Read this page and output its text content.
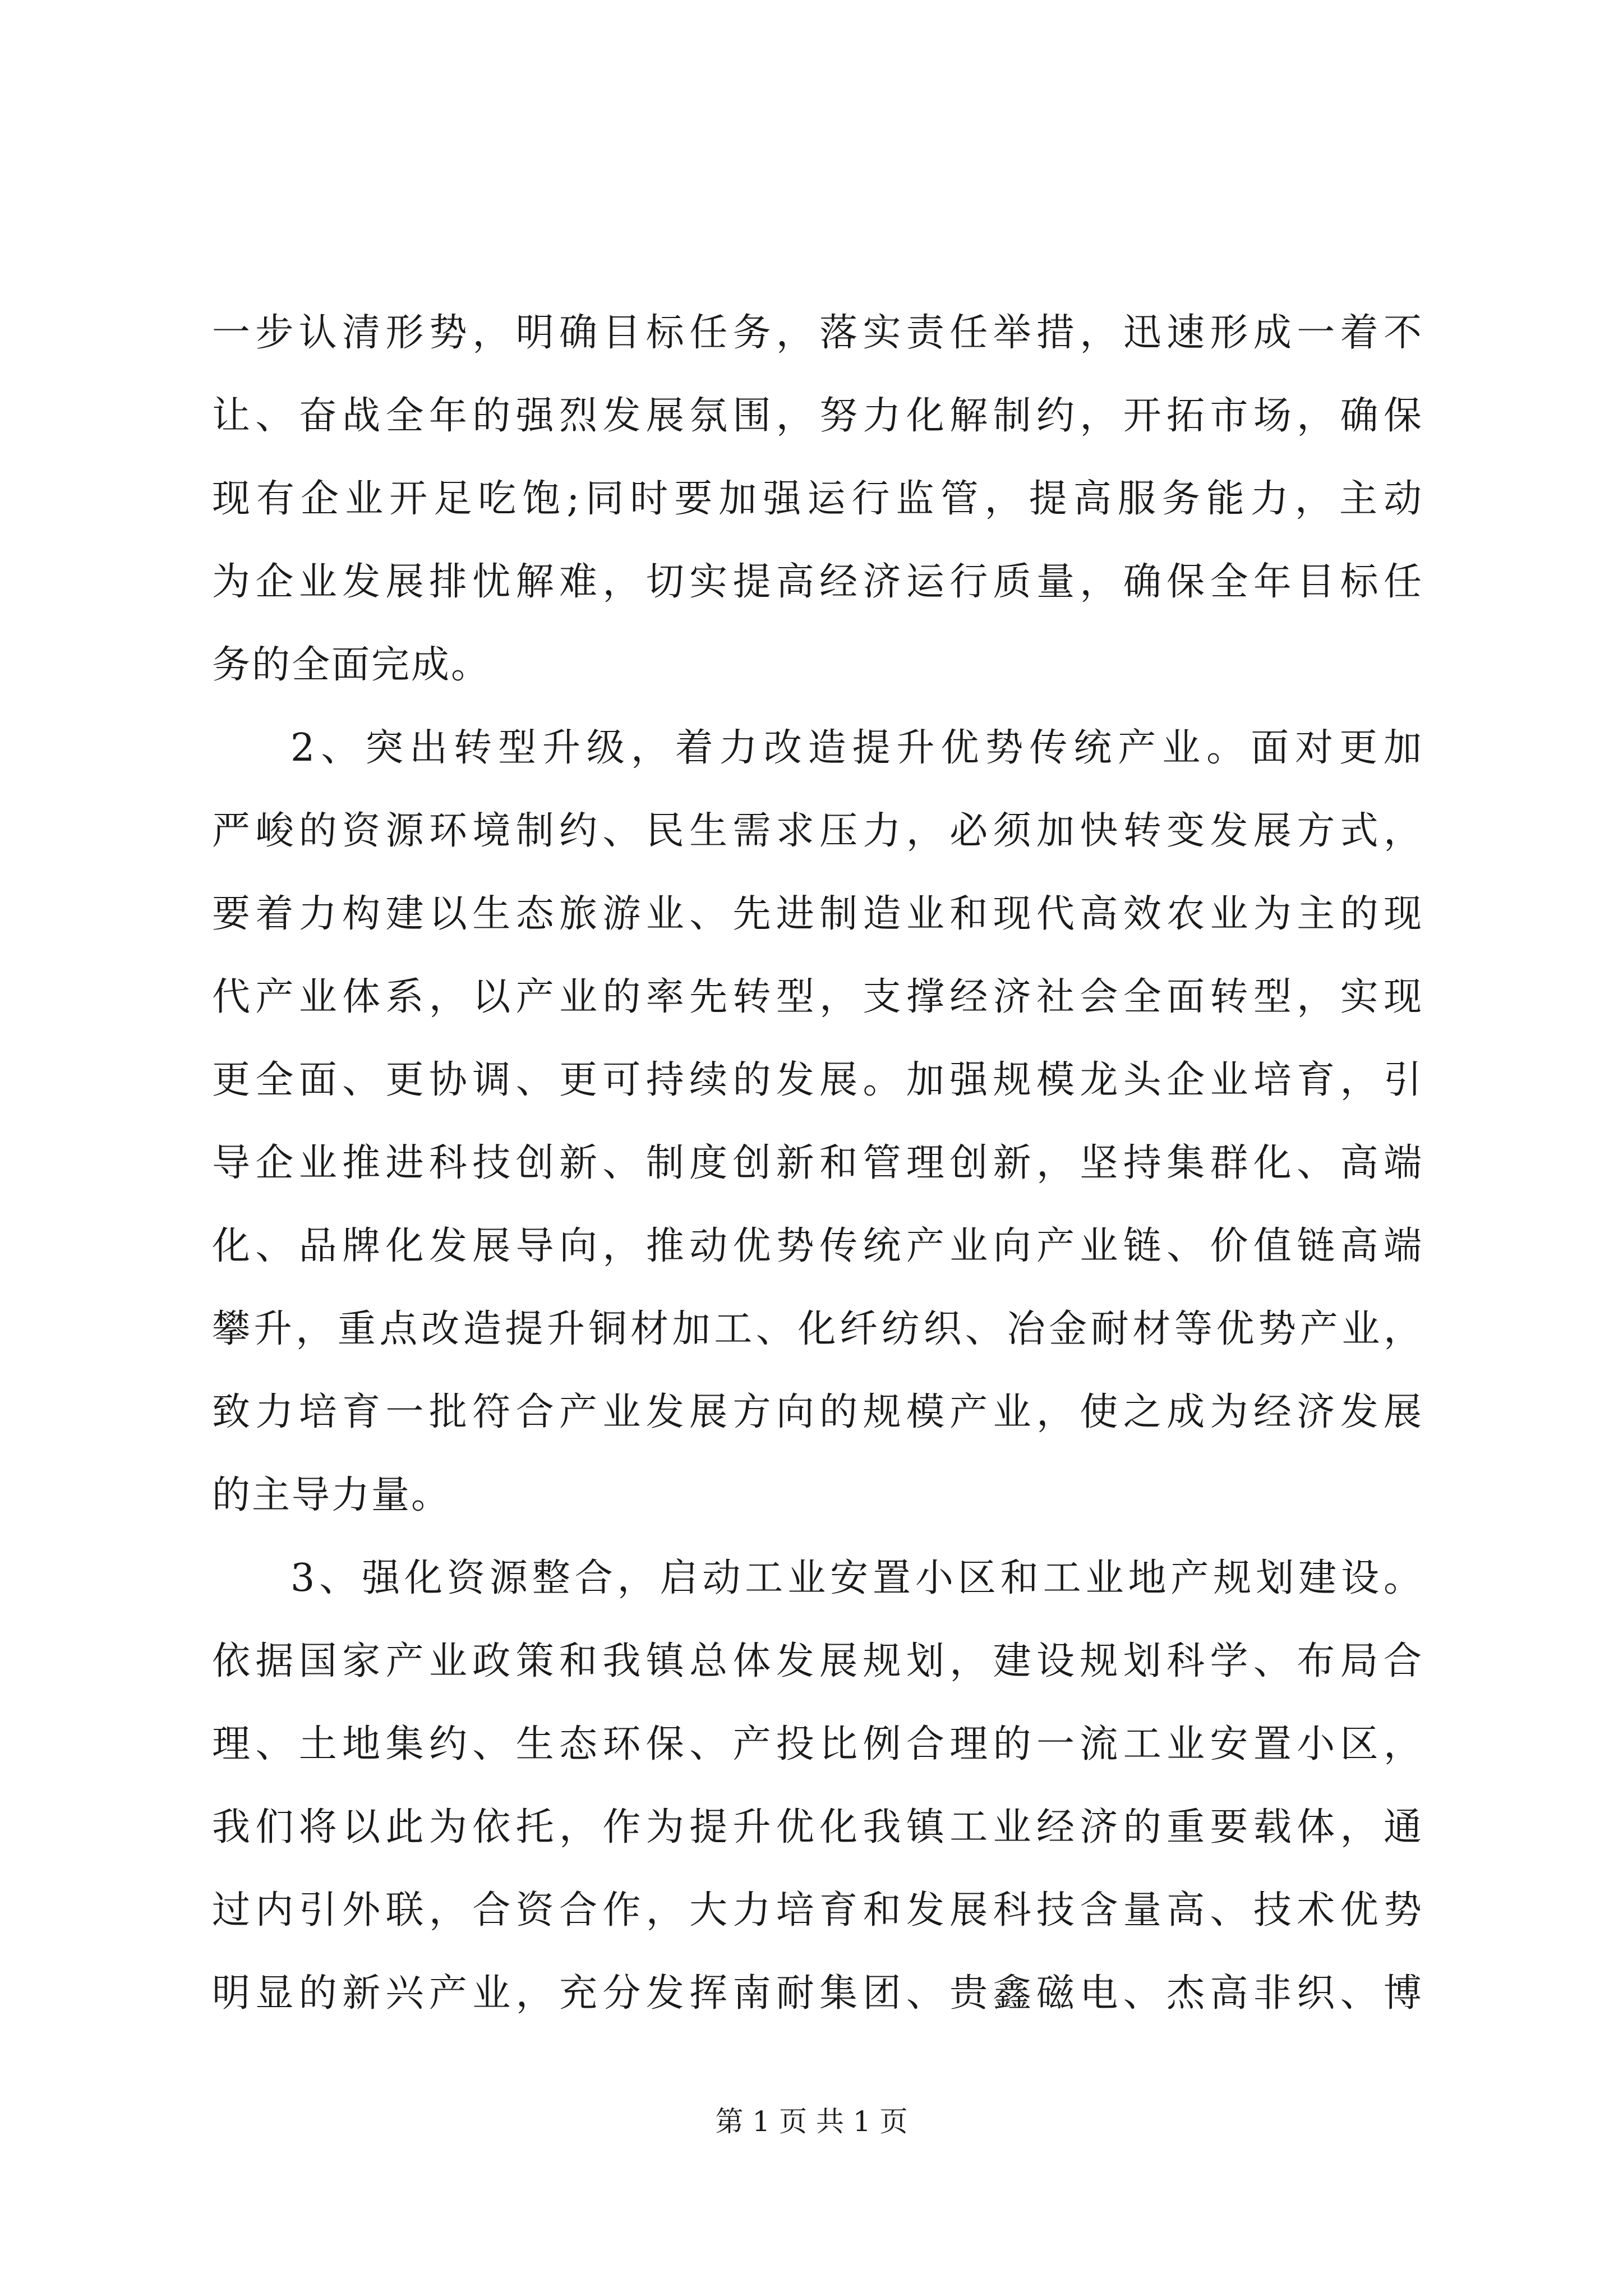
一步认清形势，明确目标任务，落实责任举措，迅速形成一着不
让、奋战全年的强烈发展氛围，努力化解制约，开拓市场，确保
现有企业开足吃饱;同时要加强运行监管，提高服务能力，主动
为企业发展排忧解难，切实提高经济运行质量，确保全年目标任
务的全面完成。
2、突出转型升级，着力改造提升优势传统产业。面对更加
严峻的资源环境制约、民生需求压力，必须加快转变发展方式，
要着力构建以生态旅游业、先进制造业和现代高效农业为主的现
代产业体系，以产业的率先转型，支撑经济社会全面转型，实现
更全面、更协调、更可持续的发展。加强规模龙头企业培育，引
导企业推进科技创新、制度创新和管理创新，坚持集群化、高端
化、品牌化发展导向，推动优势传统产业向产业链、价值链高端
攀升，重点改造提升铜材加工、化纤纺织、冶金耐材等优势产业，
致力培育一批符合产业发展方向的规模产业，使之成为经济发展
的主导力量。
3、强化资源整合，启动工业安置小区和工业地产规划建设。
依据国家产业政策和我镇总体发展规划，建设规划科学、布局合
理、土地集约、生态环保、产投比例合理的一流工业安置小区，
我们将以此为依托，作为提升优化我镇工业经济的重要载体，通
过内引外联，合资合作，大力培育和发展科技含量高、技术优势
明显的新兴产业，充分发挥南耐集团、贵鑫磁电、杰高非织、博
第 1 页 共 1 页
